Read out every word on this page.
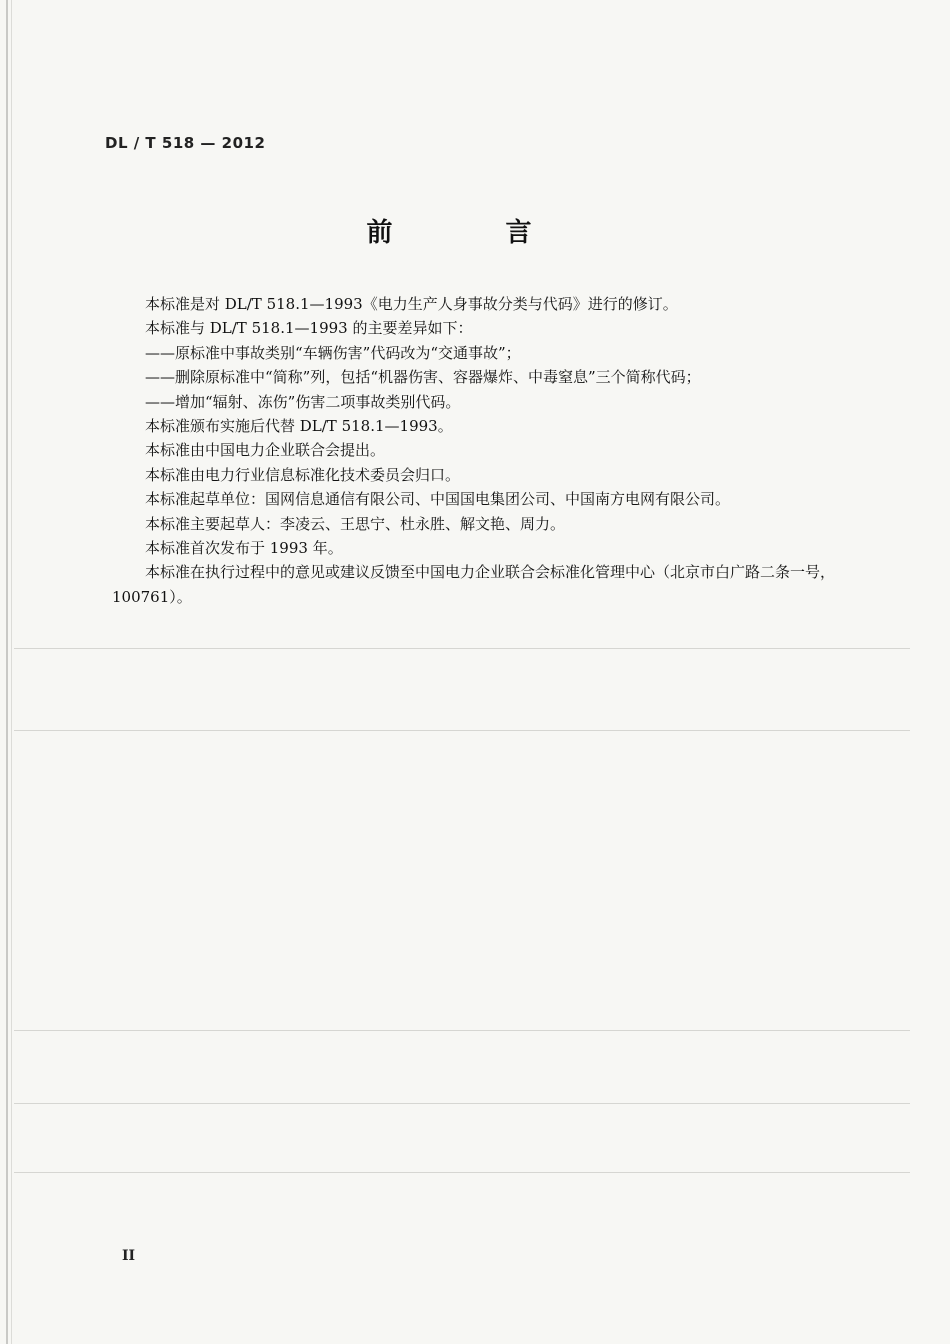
DL / T 518 — 2012
前 言

本标准是对 DL/T 518.1—1993《电力生产人身事故分类与代码》进行的修订。

本标准与 DL/T 518.1—1993 的主要差异如下：

——原标准中事故类别“车辆伤害”代码改为“交通事故”；

——删除原标准中“简称”列，包括“机器伤害、容器爆炸、中毒窒息”三个简称代码；

——增加“辐射、冻伤”伤害二项事故类别代码。

本标准颁布实施后代替 DL/T 518.1—1993。

本标准由中国电力企业联合会提出。

本标准由电力行业信息标准化技术委员会归口。

本标准起草单位：国网信息通信有限公司、中国国电集团公司、中国南方电网有限公司。

本标准主要起草人：李凌云、王思宁、杜永胜、解文艳、周力。

本标准首次发布于 1993 年。

本标准在执行过程中的意见或建议反馈至中国电力企业联合会标准化管理中心（北京市白广路二条一号，100761）。

II
